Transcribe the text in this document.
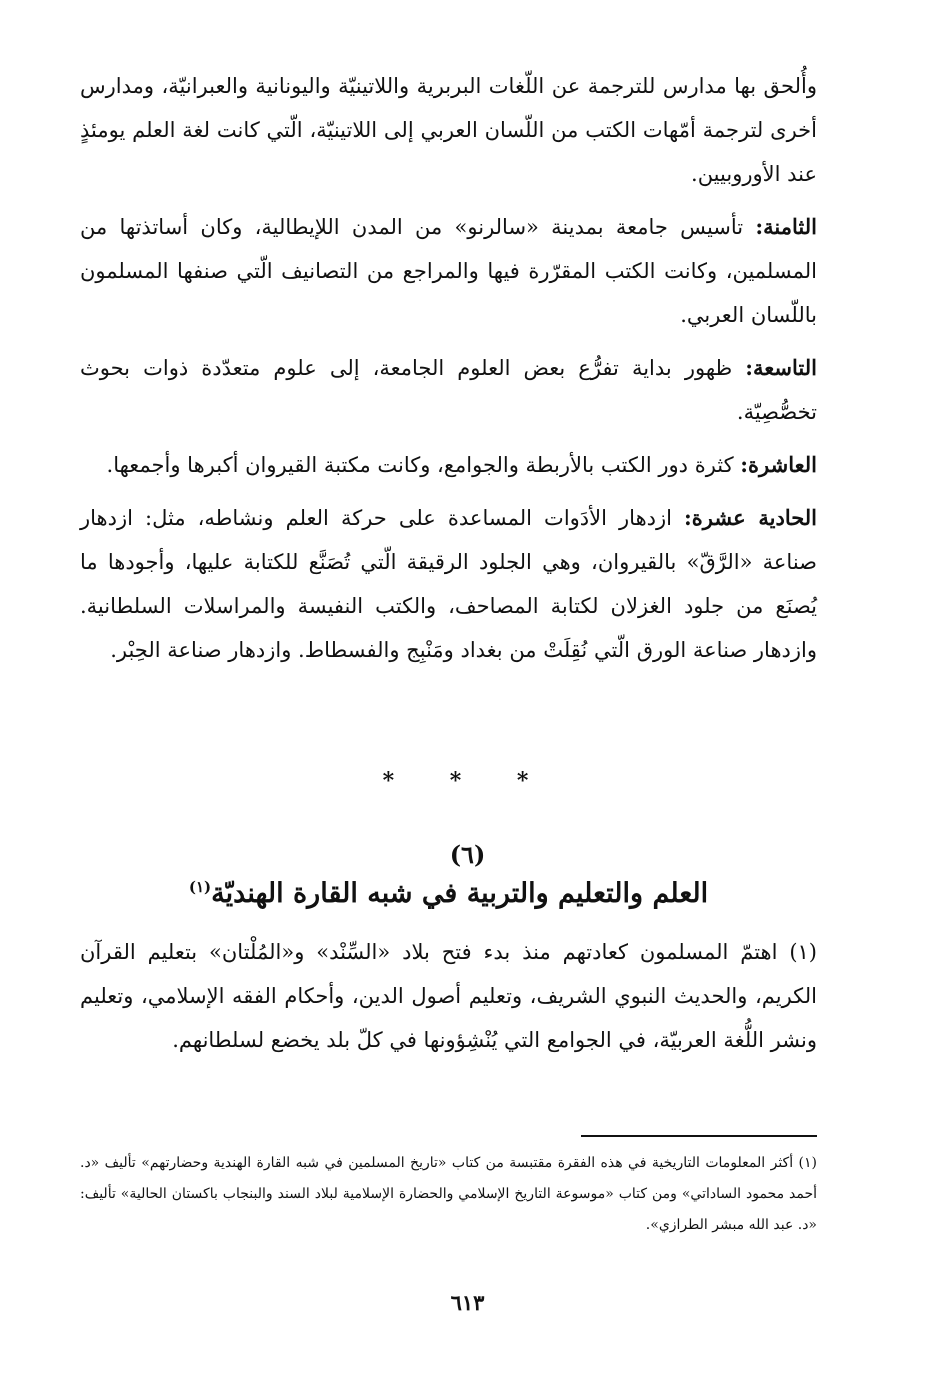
وأُلحق بها مدارس للترجمة عن اللّغات البربرية واللاتينيّة واليونانية والعبرانيّة، ومدارس أخرى لترجمة أمّهات الكتب من اللّسان العربي إلى اللاتينيّة، الّتي كانت لغة العلم يومئذٍ عند الأوروبيين.

الثامنة: تأسيس جامعة بمدينة «سالرنو» من المدن اللإيطالية، وكان أساتذتها من المسلمين، وكانت الكتب المقرّرة فيها والمراجع من التصانيف الّتي صنفها المسلمون باللّسان العربي.

التاسعة: ظهور بداية تفرُّع بعض العلوم الجامعة، إلى علوم متعدّدة ذوات بحوث تخصُّصِيّة.

العاشرة: كثرة دور الكتب بالأربطة والجوامع، وكانت مكتبة القيروان أكبرها وأجمعها.

الحادية عشرة: ازدهار الأدَوات المساعدة على حركة العلم ونشاطه، مثل: ازدهار صناعة «الرَّقّ» بالقيروان، وهي الجلود الرقيقة الّتي تُصَنَّع للكتابة عليها، وأجودها ما يُصنَع من جلود الغزلان لكتابة المصاحف، والكتب النفيسة والمراسلات السلطانية. وازدهار صناعة الورق الّتي نُقِلَتْ من بغداد ومَنْبِج والفسطاط. وازدهار صناعة الحِبْر.

* * *
(٦)
العلم والتعليم والتربية في شبه القارة الهنديّة$^{(١)}$

(١) اهتمّ المسلمون كعادتهم منذ بدء فتح بلاد «السِّنْد» و«المُلْتان» بتعليم القرآن الكريم، والحديث النبوي الشريف، وتعليم أصول الدين، وأحكام الفقه الإسلامي، وتعليم ونشر اللُّغة العربيّة، في الجوامع التي يُنْشِؤونها في كلّ بلد يخضع لسلطانهم.

(١) أكثر المعلومات التاريخية في هذه الفقرة مقتبسة من كتاب «تاريخ المسلمين في شبه القارة الهندية وحضارتهم» تأليف «د. أحمد محمود الساداتي» ومن كتاب «موسوعة التاريخ الإسلامي والحضارة الإسلامية لبلاد السند والبنجاب باكستان الحالية» تأليف: «د. عبد الله مبشر الطرازي».

٦١٣
